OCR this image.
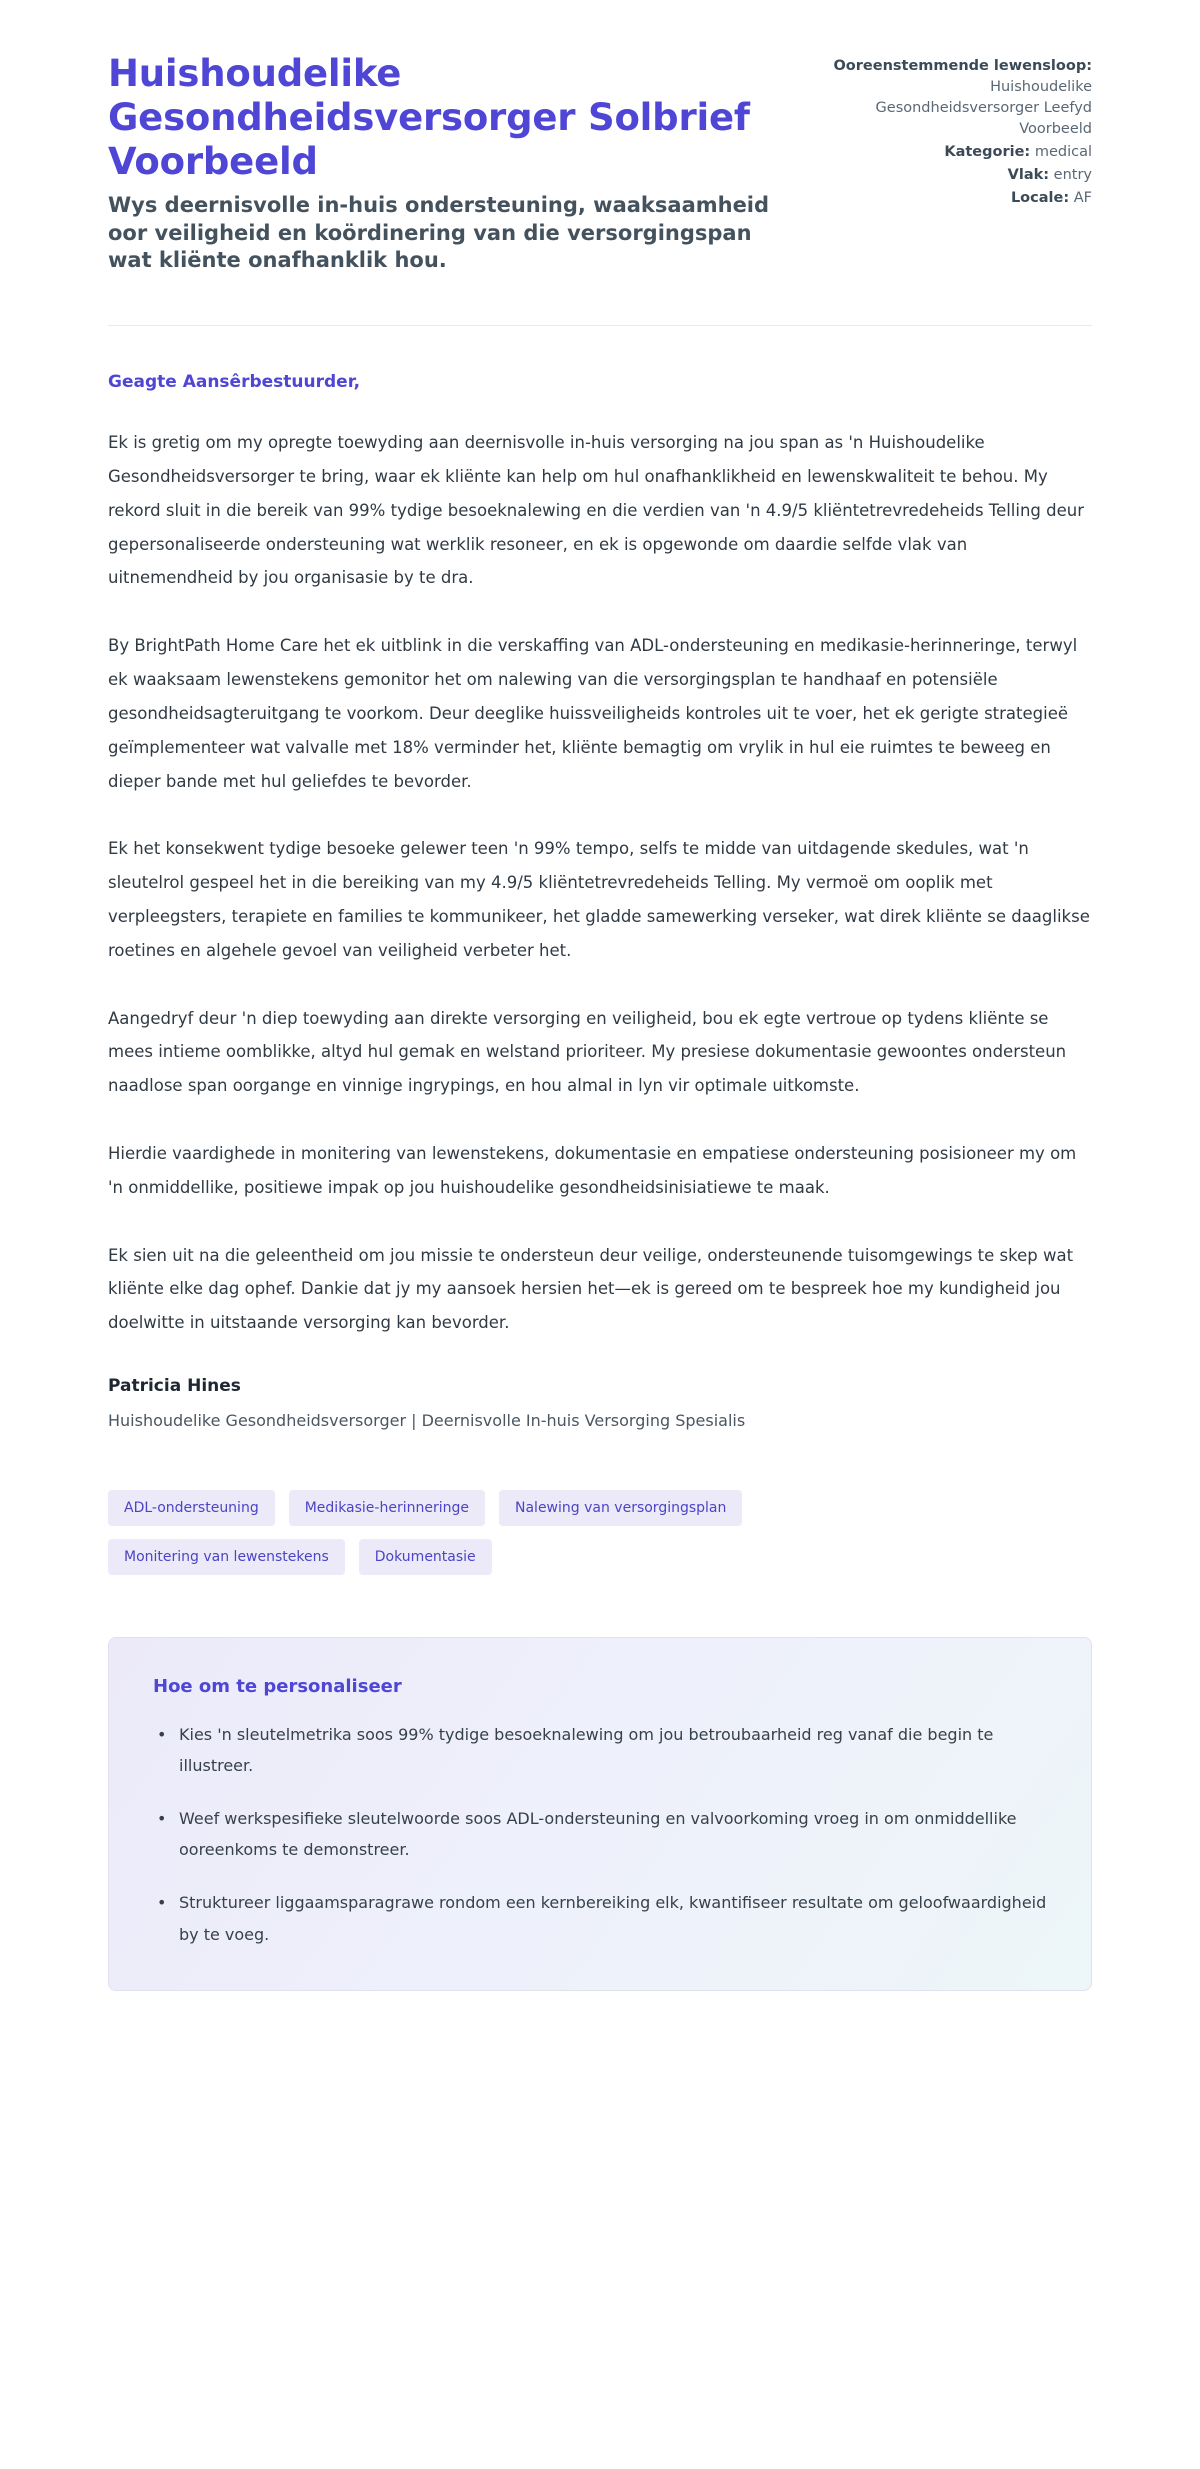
Huishoudelike Gesondheidsversorger Solbrief Voorbeeld

Wys deernisvolle in-huis ondersteuning, waaksaamheid oor veiligheid en koördinering van die versorgingspan wat kliënte onafhanklik hou.

Ooreenstemmende lewensloop: Huishoudelike Gesondheidsversorger Leefyd Voorbeeld

Kategorie: medical

Vlak: entry

Locale: AF

Geagte Aansêrbestuurder,

Ek is gretig om my opregte toewyding aan deernisvolle in-huis versorging na jou span as 'n Huishoudelike Gesondheidsversorger te bring, waar ek kliënte kan help om hul onafhanklikheid en lewenskwaliteit te behou. My rekord sluit in die bereik van 99% tydige besoeknalewing en die verdien van 'n 4.9/5 kliëntetrevredeheids Telling deur gepersonaliseerde ondersteuning wat werklik resoneer, en ek is opgewonde om daardie selfde vlak van uitnemendheid by jou organisasie by te dra.

By BrightPath Home Care het ek uitblink in die verskaffing van ADL-ondersteuning en medikasie-herinneringe, terwyl ek waaksaam lewenstekens gemonitor het om nalewing van die versorgingsplan te handhaaf en potensiële gesondheidsagteruitgang te voorkom. Deur deeglike huissveiligheids kontroles uit te voer, het ek gerigte strategieë geïmplementeer wat valvalle met 18% verminder het, kliënte bemagtig om vrylik in hul eie ruimtes te beweeg en dieper bande met hul geliefdes te bevorder.

Ek het konsekwent tydige besoeke gelewer teen 'n 99% tempo, selfs te midde van uitdagende skedules, wat 'n sleutelrol gespeel het in die bereiking van my 4.9/5 kliëntetrevredeheids Telling. My vermoë om ooplik met verpleegsters, terapiete en families te kommunikeer, het gladde samewerking verseker, wat direk kliënte se daaglikse roetines en algehele gevoel van veiligheid verbeter het.

Aangedryf deur 'n diep toewyding aan direkte versorging en veiligheid, bou ek egte vertroue op tydens kliënte se mees intieme oomblikke, altyd hul gemak en welstand prioriteer. My presiese dokumentasie gewoontes ondersteun naadlose span oorgange en vinnige ingrypings, en hou almal in lyn vir optimale uitkomste.

Hierdie vaardighede in monitering van lewenstekens, dokumentasie en empatiese ondersteuning posisioneer my om 'n onmiddellike, positiewe impak op jou huishoudelike gesondheidsinisiatiewe te maak.

Ek sien uit na die geleentheid om jou missie te ondersteun deur veilige, ondersteunende tuisomgewings te skep wat kliënte elke dag ophef. Dankie dat jy my aansoek hersien het—ek is gereed om te bespreek hoe my kundigheid jou doelwitte in uitstaande versorging kan bevorder.

Patricia Hines

Huishoudelike Gesondheidsversorger | Deernisvolle In-huis Versorging Spesialis

ADL-ondersteuning	Medikasie-herinneringe	Nalewing van versorgingsplan
Monitering van lewenstekens	Dokumentasie
Hoe om te personaliseer
• Kies 'n sleutelmetrika soos 99% tydige besoeknalewing om jou betroubaarheid reg vanaf die begin te illustreer.
• Weef werkspesifieke sleutelwoorde soos ADL-ondersteuning en valvoorkoming vroeg in om onmiddellike ooreenkoms te demonstreer.
• Struktureer liggaamsparagrawe rondom een kernbereiking elk, kwantifiseer resultate om geloofwaardigheid by te voeg.
